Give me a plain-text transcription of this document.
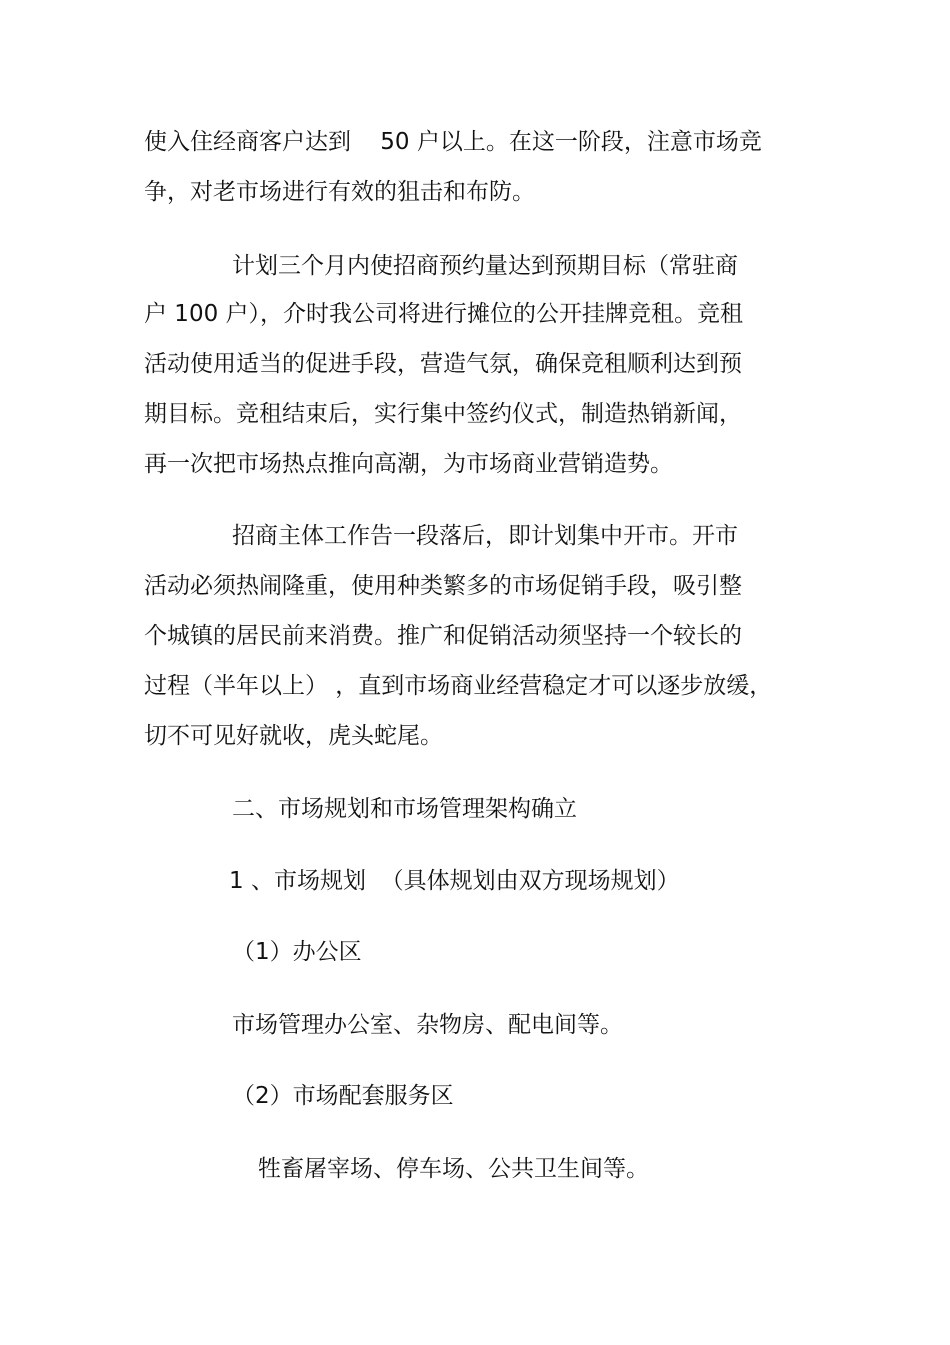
使入住经商客户达到    50 户以上。在这一阶段，注意市场竞
争，对老市场进行有效的狙击和布防。
计划三个月内使招商预约量达到预期目标（常驻商
户 100 户），介时我公司将进行摊位的公开挂牌竞租。竞租
活动使用适当的促进手段，营造气氛，确保竞租顺利达到预
期目标。竞租结束后，实行集中签约仪式，制造热销新闻，
再一次把市场热点推向高潮，为市场商业营销造势。
招商主体工作告一段落后，即计划集中开市。开市
活动必须热闹隆重，使用种类繁多的市场促销手段，吸引整
个城镇的居民前来消费。推广和促销活动须坚持一个较长的
过程（半年以上） ，直到市场商业经营稳定才可以逐步放缓，
切不可见好就收，虎头蛇尾。
二、市场规划和市场管理架构确立
1 、市场规划  （具体规划由双方现场规划）
（1）办公区
市场管理办公室、杂物房、配电间等。
（2）市场配套服务区
牲畜屠宰场、停车场、公共卫生间等。
